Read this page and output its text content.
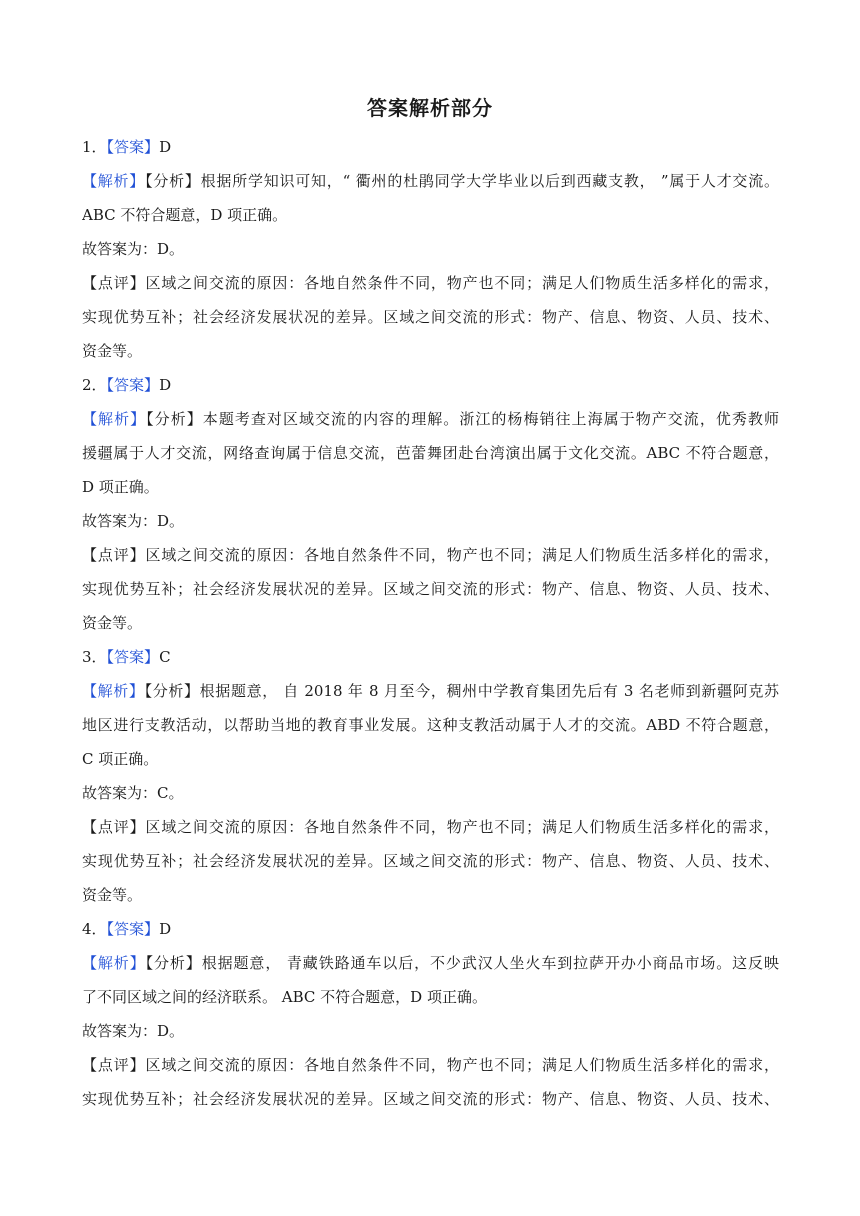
答案解析部分

1．【答案】D

【解析】【分析】根据所学知识可知，“ 衢州的杜鹃同学大学毕业以后到西藏支教， ”属于人才交流。

ABC 不符合题意，D 项正确。

故答案为：D。

【点评】区域之间交流的原因：各地自然条件不同，物产也不同；满足人们物质生活多样化的需求，

实现优势互补；社会经济发展状况的差异。区域之间交流的形式：物产、信息、物资、人员、技术、

资金等。

2．【答案】D

【解析】【分析】本题考查对区域交流的内容的理解。浙江的杨梅销往上海属于物产交流，优秀教师

援疆属于人才交流，网络查询属于信息交流，芭蕾舞团赴台湾演出属于文化交流。ABC 不符合题意，

D 项正确。

故答案为：D。

【点评】区域之间交流的原因：各地自然条件不同，物产也不同；满足人们物质生活多样化的需求，

实现优势互补；社会经济发展状况的差异。区域之间交流的形式：物产、信息、物资、人员、技术、

资金等。

3．【答案】C

【解析】【分析】根据题意， 自 2018 年 8 月至今，稠州中学教育集团先后有 3 名老师到新疆阿克苏

地区进行支教活动，以帮助当地的教育事业发展。这种支教活动属于人才的交流。ABD 不符合题意，

C 项正确。

故答案为：C。

【点评】区域之间交流的原因：各地自然条件不同，物产也不同；满足人们物质生活多样化的需求，

实现优势互补；社会经济发展状况的差异。区域之间交流的形式：物产、信息、物资、人员、技术、

资金等。

4．【答案】D

【解析】【分析】根据题意， 青藏铁路通车以后，不少武汉人坐火车到拉萨开办小商品市场。这反映

了不同区域之间的经济联系。 ABC 不符合题意，D 项正确。

故答案为：D。

【点评】区域之间交流的原因：各地自然条件不同，物产也不同；满足人们物质生活多样化的需求，

实现优势互补；社会经济发展状况的差异。区域之间交流的形式：物产、信息、物资、人员、技术、
